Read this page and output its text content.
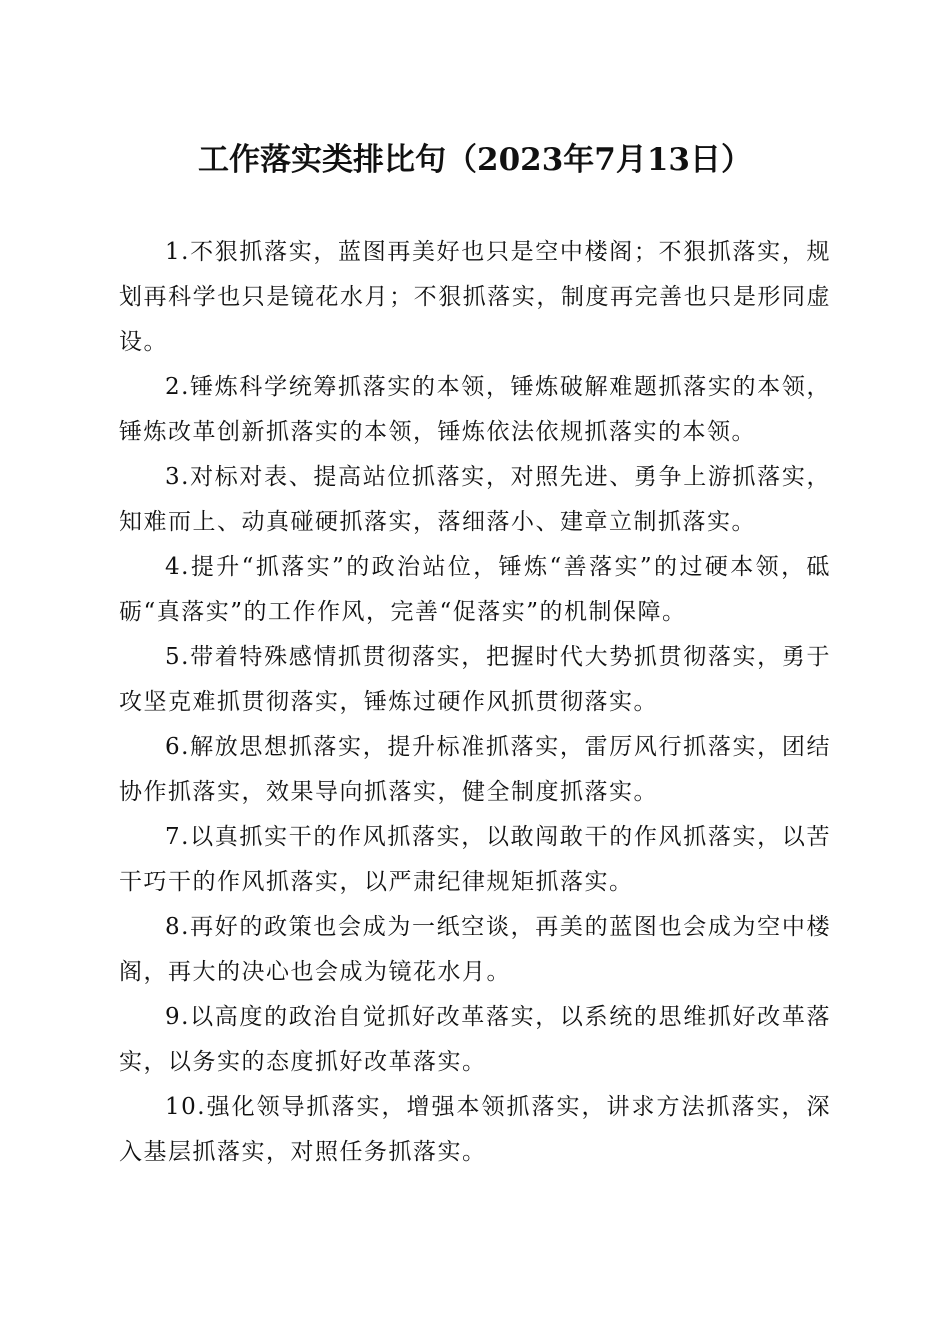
工作落实类排比句（2023年7月13日）

1.不狠抓落实，蓝图再美好也只是空中楼阁；不狠抓落实，规划再科学也只是镜花水月；不狠抓落实，制度再完善也只是形同虚设。

2.锤炼科学统筹抓落实的本领，锤炼破解难题抓落实的本领，锤炼改革创新抓落实的本领，锤炼依法依规抓落实的本领。

3.对标对表、提高站位抓落实，对照先进、勇争上游抓落实，知难而上、动真碰硬抓落实，落细落小、建章立制抓落实。

4.提升“抓落实”的政治站位，锤炼“善落实”的过硬本领，砥砺“真落实”的工作作风，完善“促落实”的机制保障。

5.带着特殊感情抓贯彻落实，把握时代大势抓贯彻落实，勇于攻坚克难抓贯彻落实，锤炼过硬作风抓贯彻落实。

6.解放思想抓落实，提升标准抓落实，雷厉风行抓落实，团结协作抓落实，效果导向抓落实，健全制度抓落实。

7.以真抓实干的作风抓落实，以敢闯敢干的作风抓落实，以苦干巧干的作风抓落实，以严肃纪律规矩抓落实。

8.再好的政策也会成为一纸空谈，再美的蓝图也会成为空中楼阁，再大的决心也会成为镜花水月。

9.以高度的政治自觉抓好改革落实，以系统的思维抓好改革落实，以务实的态度抓好改革落实。

10.强化领导抓落实，增强本领抓落实，讲求方法抓落实，深入基层抓落实，对照任务抓落实。
